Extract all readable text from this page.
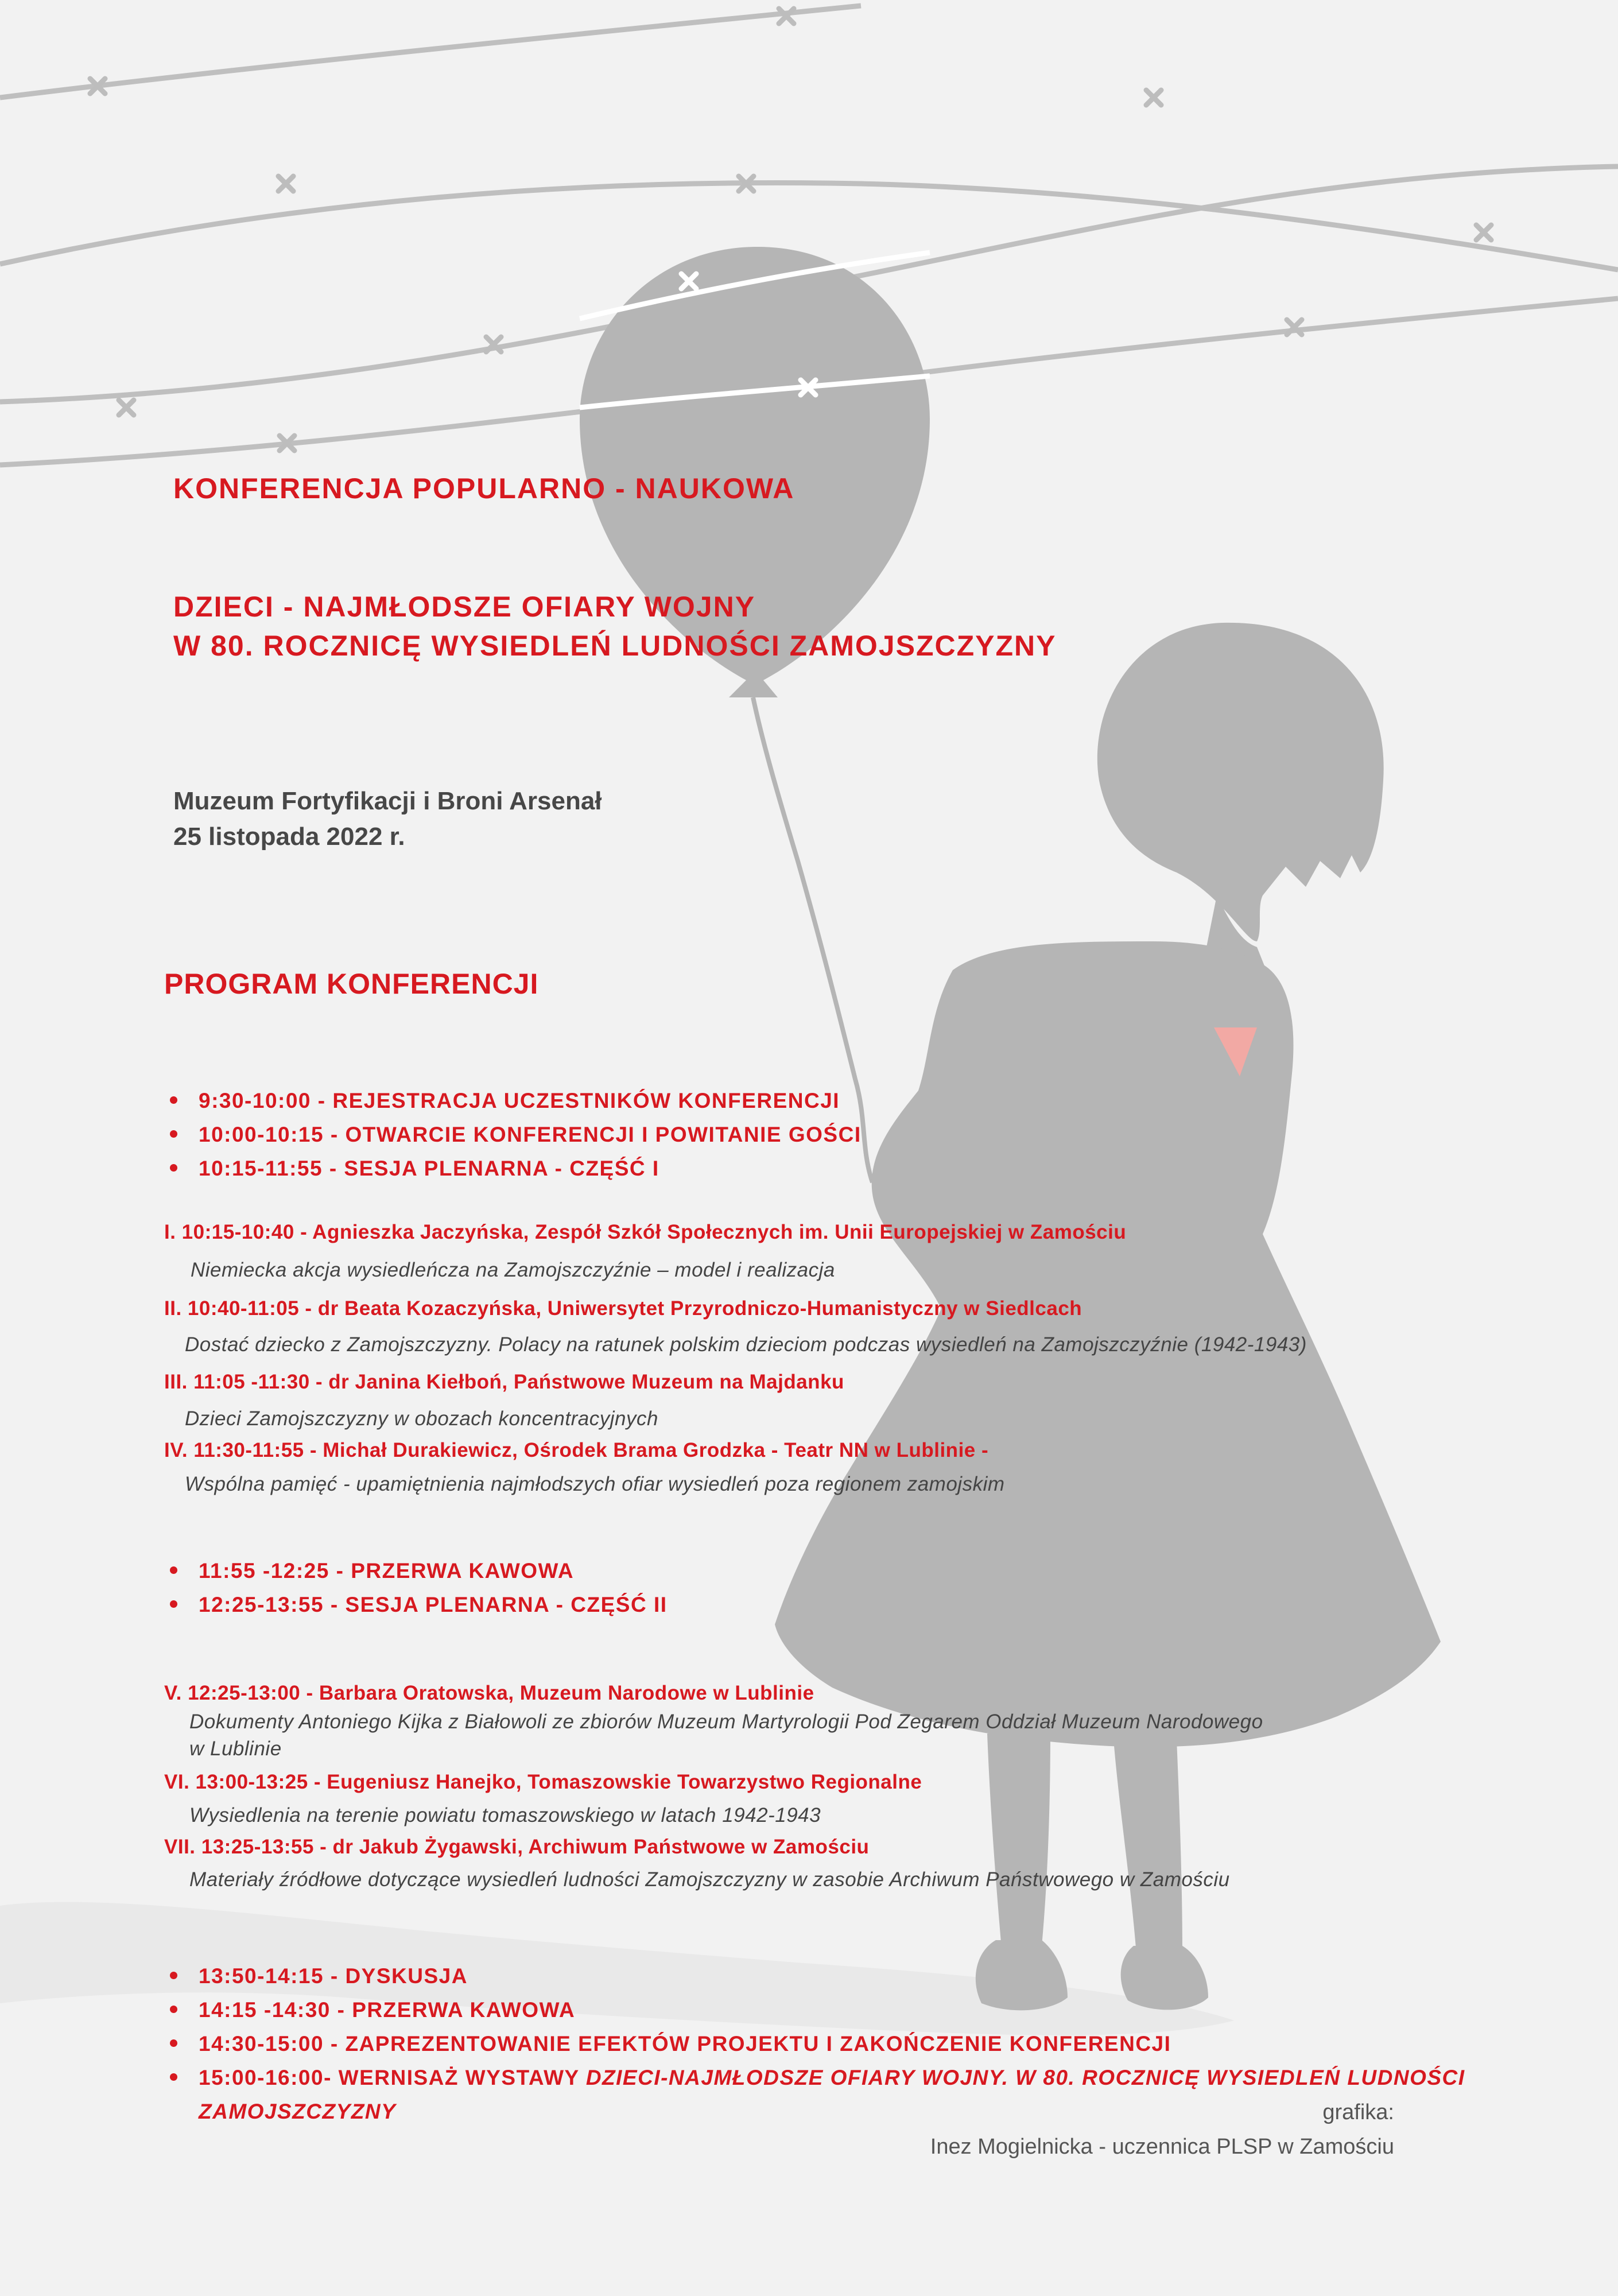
KONFERENCJA POPULARNO - NAUKOWA
DZIECI - NAJMŁODSZE OFIARY WOJNY
W 80. ROCZNICĘ WYSIEDLEŃ LUDNOŚCI ZAMOJSZCZYZNY
Muzeum Fortyfikacji i Broni Arsenał
25 listopada 2022 r.
PROGRAM KONFERENCJI
9:30-10:00 - REJESTRACJA UCZESTNIKÓW KONFERENCJI
10:00-10:15 - OTWARCIE KONFERENCJI I POWITANIE GOŚCI
10:15-11:55 - SESJA PLENARNA - CZĘŚĆ I
I. 10:15-10:40 - Agnieszka Jaczyńska, Zespół Szkół Społecznych im. Unii Europejskiej w Zamościu
Niemiecka akcja wysiedleńcza na Zamojszczyźnie – model i realizacja
II. 10:40-11:05 - dr Beata Kozaczyńska, Uniwersytet Przyrodniczo-Humanistyczny w Siedlcach
Dostać dziecko z Zamojszczyzny. Polacy na ratunek polskim dzieciom podczas wysiedleń na Zamojszczyźnie (1942-1943)
III. 11:05 -11:30 - dr Janina Kiełboń, Państwowe Muzeum na Majdanku
Dzieci Zamojszczyzny w obozach koncentracyjnych
IV. 11:30-11:55 - Michał Durakiewicz, Ośrodek Brama Grodzka - Teatr NN w Lublinie -
Wspólna pamięć - upamiętnienia najmłodszych ofiar wysiedleń poza regionem zamojskim
11:55 -12:25 - PRZERWA KAWOWA
12:25-13:55 - SESJA PLENARNA - CZĘŚĆ II
V. 12:25-13:00 - Barbara Oratowska, Muzeum Narodowe w Lublinie
Dokumenty Antoniego Kijka z Białowoli ze zbiorów Muzeum Martyrologii Pod Zegarem Oddział Muzeum Narodowego
w Lublinie
VI. 13:00-13:25 - Eugeniusz Hanejko, Tomaszowskie Towarzystwo Regionalne
Wysiedlenia na terenie powiatu tomaszowskiego w latach 1942-1943
VII. 13:25-13:55 - dr Jakub Żygawski, Archiwum Państwowe w Zamościu
Materiały źródłowe dotyczące wysiedleń ludności Zamojszczyzny w zasobie Archiwum Państwowego w Zamościu
13:50-14:15 - DYSKUSJA
14:15 -14:30 - PRZERWA KAWOWA
14:30-15:00 - ZAPREZENTOWANIE EFEKTÓW PROJEKTU I ZAKOŃCZENIE KONFERENCJI
15:00-16:00- WERNISAŻ WYSTAWY DZIECI-NAJMŁODSZE OFIARY WOJNY. W 80. ROCZNICĘ WYSIEDLEŃ LUDNOŚCI
ZAMOJSZCZYZNY	grafika:
Inez Mogielnicka - uczennica PLSP w Zamościu
